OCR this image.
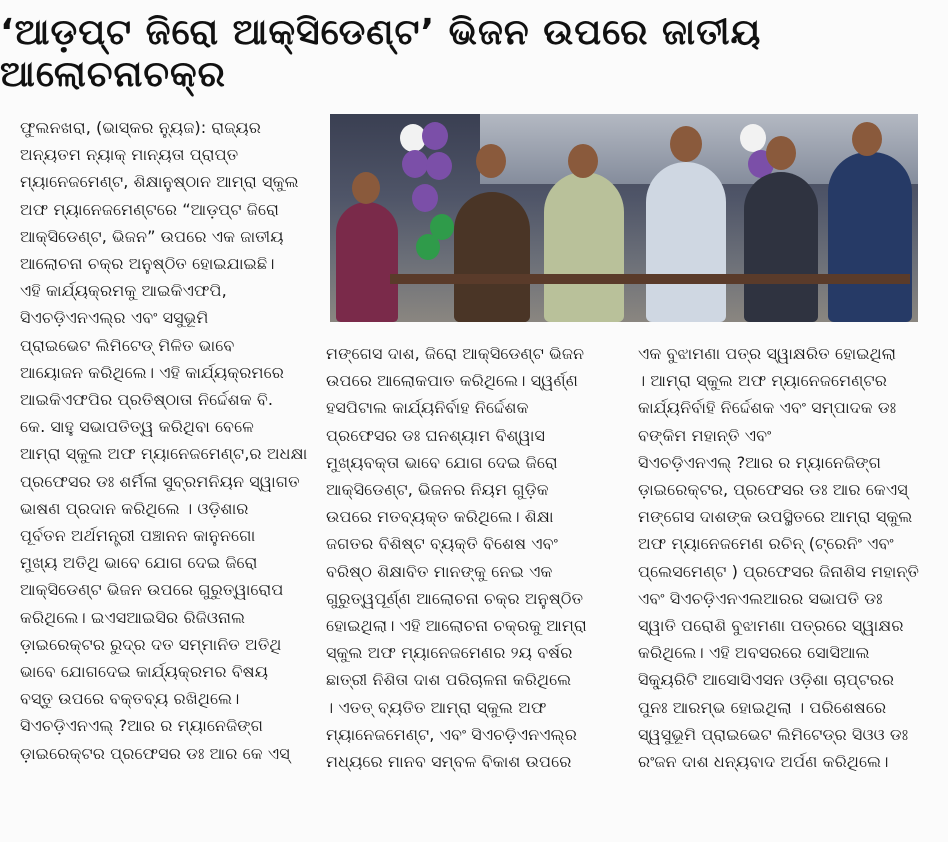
‘ଆଡ଼ପ୍ଟ ଜିରୋ ଆକ୍ସିଡେଣ୍ଟ’ ଭିଜନ ଉପରେ ଜାତୀୟ ଆଲୋଚନାଚକ୍ର
ଫୁଲନଖରା, (ଭାସ୍କର ନ୍ୟୁଜ): ରାଜ୍ୟର
ଅନ୍ୟତମ ନ୍ୟାକ୍ ମାନ୍ୟତା ପ୍ରାପ୍ତ
ମ୍ୟାନେଜମେଣ୍ଟ, ଶିକ୍ଷାନୁଷ୍ଠାନ ଆମ୍ରା ସ୍କୁଲ
ଅଫ ମ୍ୟାନେଜମେଣ୍ଟରେ “ଆଡ଼ପ୍ଟ ଜିରୋ
ଆକ୍ସିଡେଣ୍ଟ, ଭିଜନ” ଉପରେ ଏକ ଜାତୀୟ
ଆଲୋଚନା ଚକ୍ର ଅନୁଷ୍ଠିତ ହୋଇଯାଇଛି।
ଏହି କାର୍ଯ୍ୟକ୍ରମକୁ ଆଇକିଏଫପି,
ସିଏଚଡ଼ିଏନଏଲ୍‌ର ଏବଂ ସସୁଭୂମି
ପ୍ରାଇଭେଟ ଲିମିଟେଡ୍ ମିଳିତ ଭାବେ
ଆୟୋଜନ କରିଥିଲେ। ଏହି କାର୍ଯ୍ୟକ୍ରମରେ
ଆଇକିଏଫପିର ପ୍ରତିଷ୍ଠାତା ନିର୍ଦ୍ଦେଶକ ବି.
କେ. ସାହୁ ସଭାପତିତ୍ୱ କରିଥିବା ବେଳେ
ଆମ୍ରା ସ୍କୁଲ ଅଫ ମ୍ୟାନେଜମେଣ୍ଟ,ର ଅଧକ୍ଷା
ପ୍ରଫେସର ଡଃ ଶର୍ମିଳା ସୁବ୍ରମନିୟନ ସ୍ୱାଗତ
ଭାଷଣ ପ୍ରଦାନ କରିଥିଲେ । ଓଡ଼ିଶାର
ପୂର୍ବତନ ଅର୍ଥମନ୍ତ୍ରୀ ପଞ୍ଚାନନ କାନୁନଗୋ
ମୁଖ୍ୟ ଅତିଥି ଭାବେ ଯୋଗ ଦେଇ ଜିରୋ
ଆକ୍ସିଡେଣ୍ଟ ଭିଜନ ଉପରେ ଗୁରୁତ୍ୱାରୋପ
କରିଥିଲେ। ଇଏସଆଇସିର ରିଜିଓନାଲ
ଡ଼ାଇରେକ୍ଟର ରୁଦ୍ର ଦତ ସମ୍ମାନିତ ଅତିଥି
ଭାବେ ଯୋଗଦେଇ କାର୍ଯ୍ୟକ୍ରମର ବିଷୟ
ବସ୍ତୁ ଉପରେ ବକ୍ତବ୍ୟ ରଖିଥିଲେ।
ସିଏଚଡ଼ିଏନଏଲ୍ ?ଆର ର ମ୍ୟାନେଜିଙ୍ଗ
ଡ଼ାଇରେକ୍ଟର ପ୍ରଫେସର ଡଃ ଆର କେ ଏସ୍
ମଙ୍ଗେସ ଦାଶ, ଜିରୋ ଆକ୍ସିଡେଣ୍ଟ ଭିଜନ
ଉପରେ ଆଲୋକପାତ କରିଥିଲେ। ସ୍ୱର୍ଣ୍ଣ
ହସପିଟାଲ କାର୍ଯ୍ୟନିର୍ବାହ ନିର୍ଦ୍ଦେଶକ
ପ୍ରଫେସର ଡଃ ଘନଶ୍ୟାମ ବିଶ୍ୱାସ
ମୁଖ୍ୟବକ୍ତା ଭାବେ ଯୋଗ ଦେଇ ଜିରୋ
ଆକ୍ସିଡେଣ୍ଟ, ଭିଜନର ନିୟମ ଗୁଡ଼ିକ
ଉପରେ ମତବ୍ୟକ୍ତ କରିଥିଲେ। ଶିକ୍ଷା
ଜଗତର ବିଶିଷ୍ଟ ବ୍ୟକ୍ତି ବିଶେଷ ଏବଂ
ବରିଷ୍ଠ ଶିକ୍ଷାବିତ ମାନଙ୍କୁ ନେଇ ଏକ
ଗୁରୁତ୍ୱପୂର୍ଣ୍ଣ ଆଲୋଚନା ଚକ୍ର ଅନୁଷ୍ଠିତ
ହୋଇଥିଲା। ଏହି ଆଲୋଚନା ଚକ୍ରକୁ ଆମ୍ରା
ସ୍କୁଲ ଅଫ ମ୍ୟାନେଜମେଣର ୨ୟ ବର୍ଷର
ଛାତ୍ରୀ ନିଶିତା ଦାଶ ପରିଚାଳନା କରିଥିଲେ
। ଏତତ୍ ବ୍ୟତିତ ଆମ୍ରା ସ୍କୁଲ ଅଫ
ମ୍ୟାନେଜମେଣ୍ଟ, ଏବଂ ସିଏଚଡ଼ିଏନଏଲ୍‌ର
ମଧ୍ୟରେ ମାନବ ସମ୍ବଳ ବିକାଶ ଉପରେ
ଏକ ବୁଝାମଣା ପତ୍ର ସ୍ୱାକ୍ଷରିତ ହୋଇଥିଲା
। ଆମ୍ରା ସ୍କୁଲ ଅଫ ମ୍ୟାନେଜମେଣ୍ଟର
କାର୍ଯ୍ୟନିର୍ବାହି ନିର୍ଦ୍ଦେଶକ ଏବଂ ସମ୍ପାଦକ ଡଃ
ବଙ୍କିମ ମହାନ୍ତି ଏବଂ
ସିଏଚଡ଼ିଏନଏଲ୍ ?ଆର ର ମ୍ୟାନେଜିଙ୍ଗ
ଡ଼ାଇରେକ୍ଟର, ପ୍ରଫେସର ଡଃ ଆର କେଏସ୍
ମଙ୍ଗେସ ଦାଶଙ୍କ ଉପସ୍ଥିତରେ ଆମ୍ରା ସ୍କୁଲ
ଅଫ ମ୍ୟାନେଜମେଣ ରଚିନ୍ (ଟ୍ରେନିଂ ଏବଂ
ପ୍ଲେସମେଣ୍ଟ ) ପ୍ରଫେସର ଜିନାଶିସ ମହାନ୍ତି
ଏବଂ ସିଏଚଡ଼ିଏନଏଲଆରର ସଭାପତି ଡଃ
ସ୍ୱାତି ପରୋଶି ବୁଝାମଣା ପତ୍ରରେ ସ୍ୱାକ୍ଷର
କରିଥିଲେ। ଏହି ଅବସରରେ ସୋସିଆଲ
ସିକ୍ୟୁରିଟି ଆସୋସିଏସନ ଓଡ଼ିଶା ଚାପ୍ଟରର
ପୁନଃ ଆରମ୍ଭ ହୋଇଥିଲା । ପରିଶେଷରେ
ସ୍ୱସୁଭୂମି ପ୍ରାଇଭେଟ ଲିମିଟେଡ୍‌ର ସିଓଓ ଡଃ
ରଂଜନ ଦାଶ ଧନ୍ୟବାଦ ଅର୍ପଣ କରିଥିଲେ।
